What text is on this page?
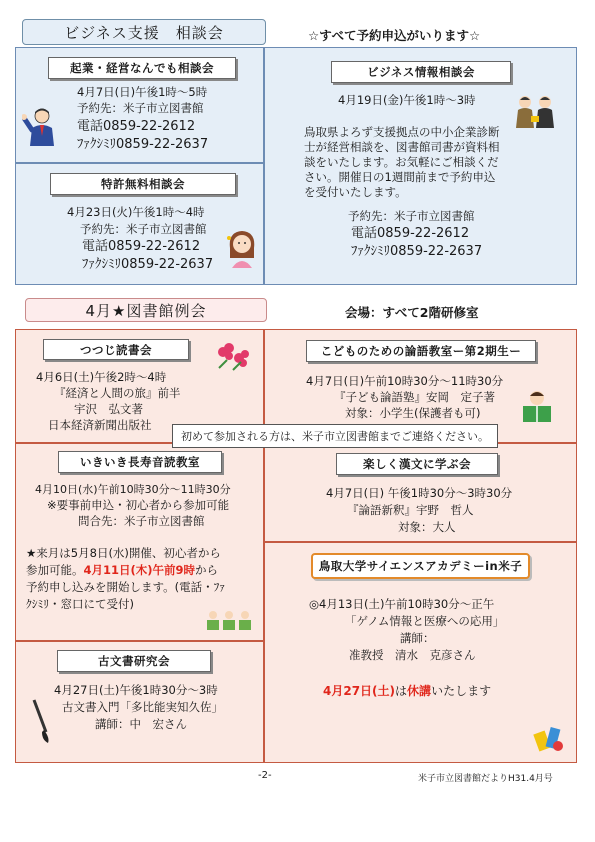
ビジネス支援　相談会	☆すべて予約申込がいります☆
起業・経営なんでも相談会
4月7日(日)午後1時～5時
予約先：米子市立図書館
電話0859-22-2612
ﾌｧｸｼﾐﾘ0859-22-2637
特許無料相談会
4月23日(火)午後1時～4時
予約先：米子市立図書館
電話0859-22-2612
ﾌｧｸｼﾐﾘ0859-22-2637
ビジネス情報相談会
4月19日(金)午後1時～3時
鳥取県よろず支援拠点の中小企業診断
士が経営相談を、図書館司書が資料相
談をいたします。お気軽にご相談くだ
さい。開催日の1週間前まで予約申込
を受付いたします。
予約先：米子市立図書館
電話0859-22-2612
ﾌｧｸｼﾐﾘ0859-22-2637
4月★図書館例会	会場：すべて2階研修室
つつじ読書会
4月6日(土)午後2時～4時
『経済と人間の旅』前半
宇沢　弘文著
日本経済新聞出版社
こどものための論語教室ー第2期生ー
4月7日(日)午前10時30分～11時30分
『子ども論語塾』安岡　定子著
対象：小学生(保護者も可)
初めて参加される方は、米子市立図書館までご連絡ください。
いきいき長寿音読教室
4月10日(水)午前10時30分～11時30分
※要事前申込・初心者から参加可能
問合先：米子市立図書館
★来月は5月8日(水)開催、初心者から
参加可能。4月11日(木)午前9時から
予約申し込みを開始します。(電話・ﾌｧ
ｸｼﾐﾘ・窓口にて受付)
楽しく漢文に学ぶ会
4月7日(日) 午後1時30分～3時30分
『論語新釈』宇野　哲人
対象：大人
鳥取大学サイエンスアカデミーin米子
◎4月13日(土)午前10時30分～正午
「ゲノム情報と医療への応用」
講師：
准教授　清水　克彦さん
4月27日(土)は休講いたします
古文書研究会
4月27日(土)午後1時30分～3時
古文書入門「多比能実知久佐」
講師：中　宏さん
-2-	米子市立図書館だよりH31.4月号
